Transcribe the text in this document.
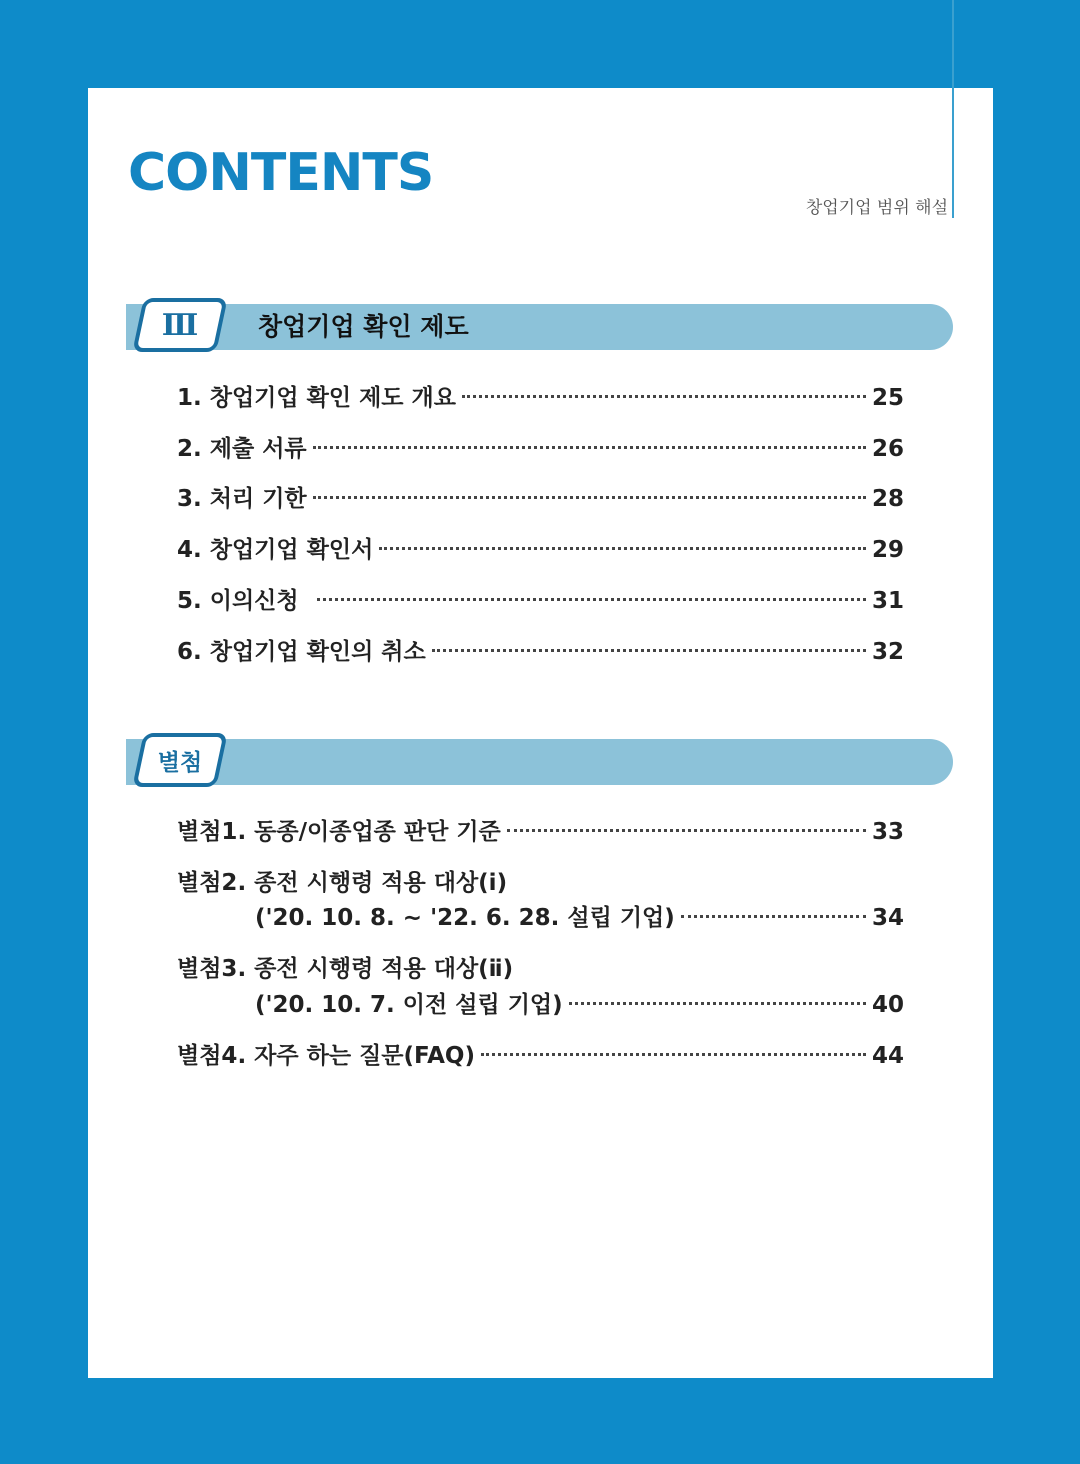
CONTENTS
창업기업 범위 해설
Ⅲ	창업기업 확인 제도
1. 창업기업 확인 제도 개요	25
2. 제출 서류	26
3. 처리 기한	28
4. 창업기업 확인서	29
5. 이의신청	31
6. 창업기업 확인의 취소	32
별첨
별첨1. 동종/이종업종 판단 기준	33
별첨2. 종전 시행령 적용 대상(ⅰ)
('20. 10. 8. ~ '22. 6. 28. 설립 기업)	34
별첨3. 종전 시행령 적용 대상(ⅱ)
('20. 10. 7. 이전 설립 기업)	40
별첨4. 자주 하는 질문(FAQ)	44
